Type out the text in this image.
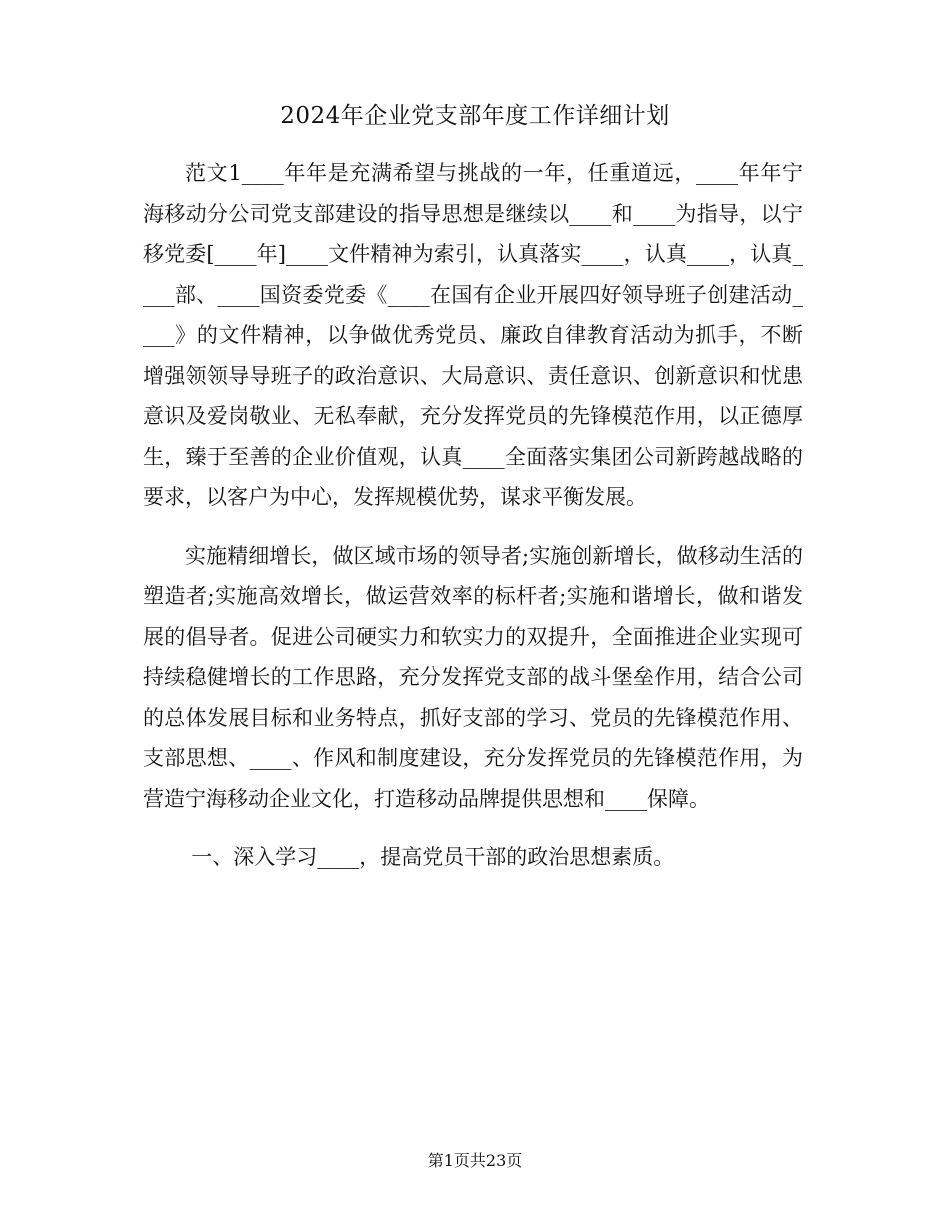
2024年企业党支部年度工作详细计划

范文1____年年是充满希望与挑战的一年，任重道远，____年年宁海移动分公司党支部建设的指导思想是继续以____和____为指导，以宁移党委[____年]____文件精神为索引，认真落实____，认真____，认真____部、____国资委党委《____在国有企业开展四好领导班子创建活动____》的文件精神，以争做优秀党员、廉政自律教育活动为抓手，不断增强领领导导班子的政治意识、大局意识、责任意识、创新意识和忧患意识及爱岗敬业、无私奉献，充分发挥党员的先锋模范作用，以正德厚生，臻于至善的企业价值观，认真____全面落实集团公司新跨越战略的要求，以客户为中心，发挥规模优势，谋求平衡发展。

实施精细增长，做区域市场的领导者;实施创新增长，做移动生活的塑造者;实施高效增长，做运营效率的标杆者;实施和谐增长，做和谐发展的倡导者。促进公司硬实力和软实力的双提升，全面推进企业实现可持续稳健增长的工作思路，充分发挥党支部的战斗堡垒作用，结合公司的总体发展目标和业务特点，抓好支部的学习、党员的先锋模范作用、支部思想、____、作风和制度建设，充分发挥党员的先锋模范作用，为营造宁海移动企业文化，打造移动品牌提供思想和____保障。

一、深入学习____，提高党员干部的政治思想素质。

第1页共23页
